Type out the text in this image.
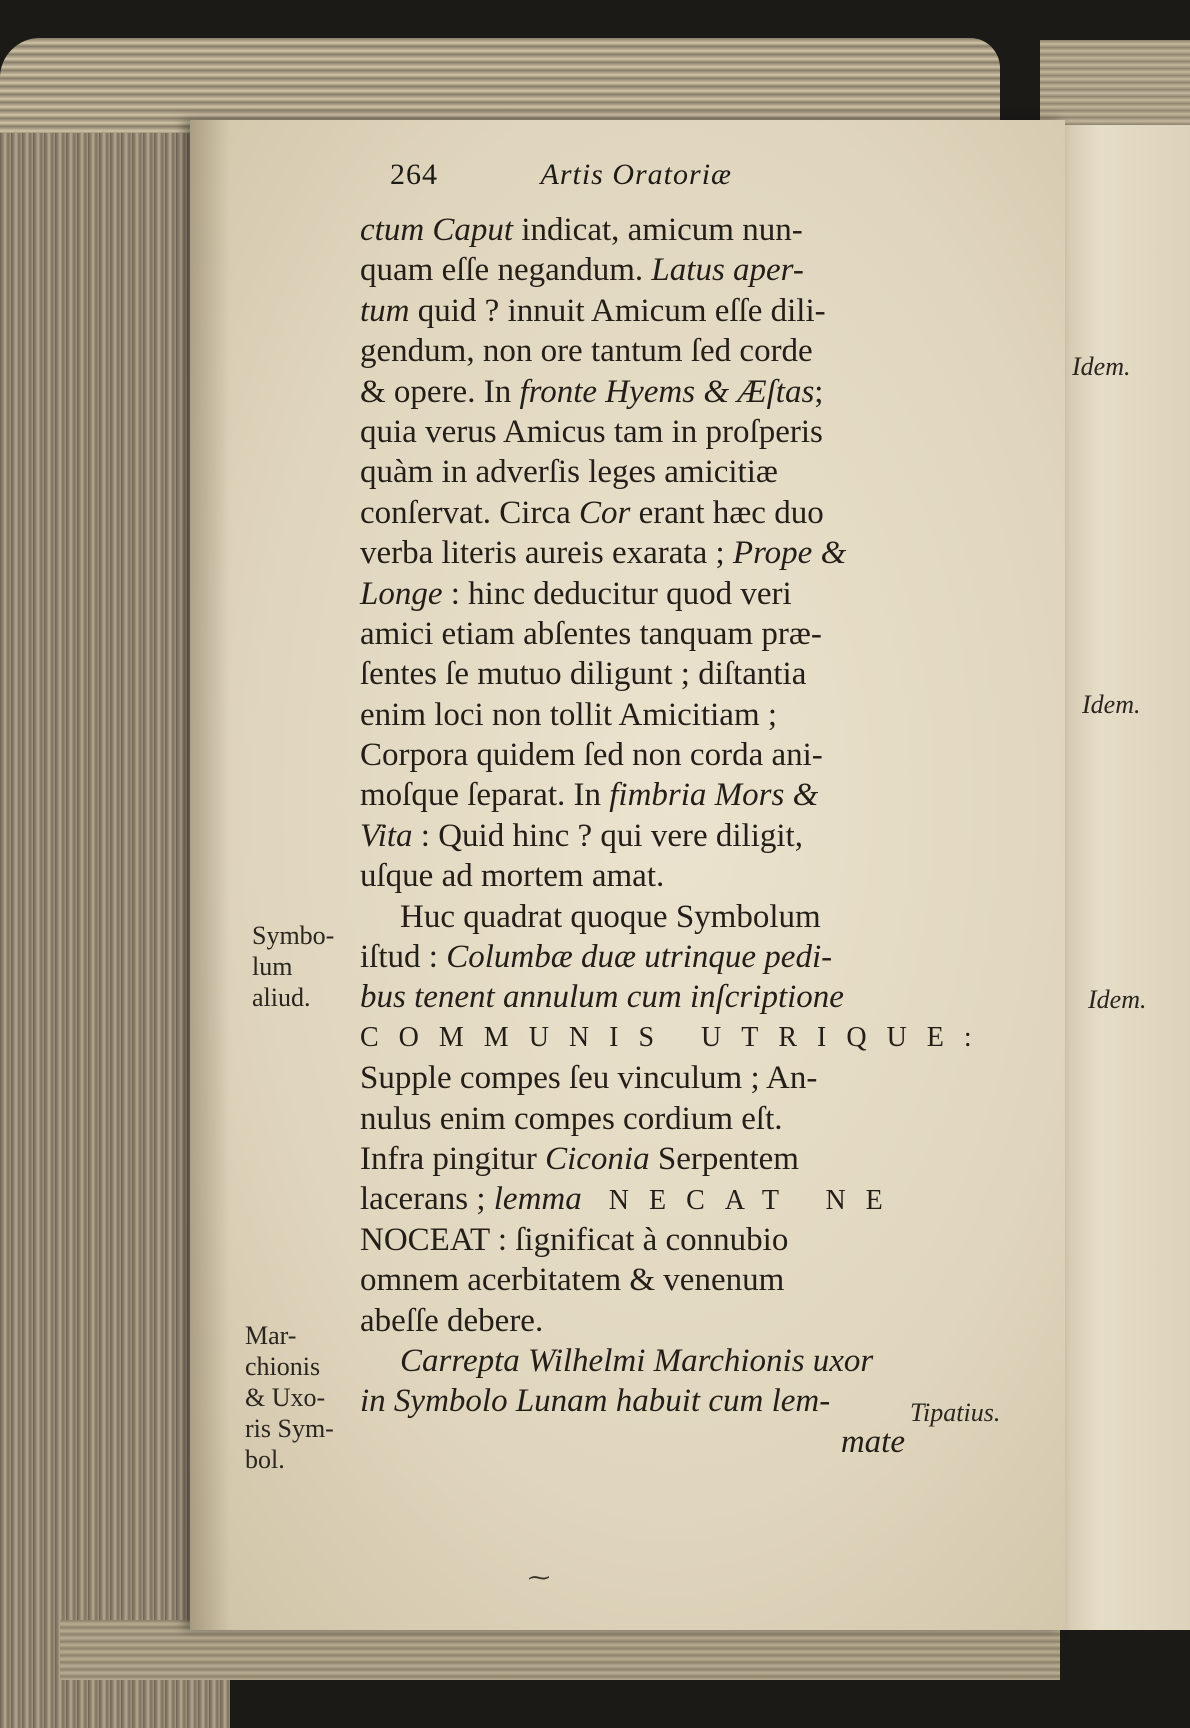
264	Artis Oratoriæ
ctum Caput indicat, amicum nun-
quam eſſe negandum. Latus aper-
tum quid ? innuit Amicum eſſe dili-
gendum, non ore tantum ſed corde
& opere. In fronte Hyems & Æſtas;
quia verus Amicus tam in proſperis
quàm in adverſis leges amicitiæ
conſervat. Circa Cor erant hæc duo
verba literis aureis exarata ; Prope &
Longe : hinc deducitur quod veri
amici etiam abſentes tanquam præ-
ſentes ſe mutuo diligunt ; diſtantia
enim loci non tollit Amicitiam ;
Corpora quidem ſed non corda ani-
moſque ſeparat. In fimbria Mors &
Vita : Quid hinc ? qui vere diligit,
uſque ad mortem amat.
Huc quadrat quoque Symbolum
iſtud : Columbæ duæ utrinque pedi-
bus tenent annulum cum inſcriptione
COMMUNIS UTRIQUE:
Supple compes ſeu vinculum ; An-
nulus enim compes cordium eſt.
Infra pingitur Ciconia Serpentem
lacerans ; lemma NECAT NE
NOCEAT : ſignificat à connubio
omnem acerbitatem & venenum
abeſſe debere.
Carrepta Wilhelmi Marchionis uxor
in Symbolo Lunam habuit cum lem-
mate
Symbo-
lum
aliud.
Mar-
chionis
& Uxo-
ris Sym-
bol.
Idem.
Idem.
Idem.
Tipatius.
⁓
